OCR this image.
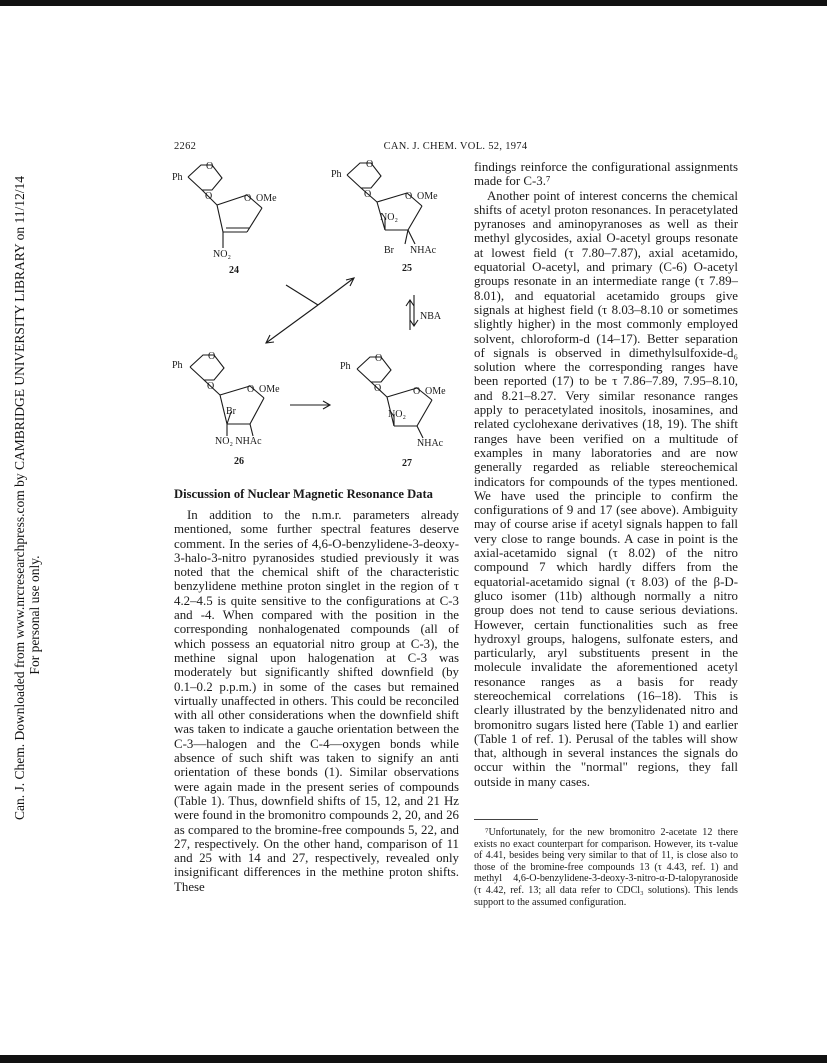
Can. J. Chem. Downloaded from www.nrcresearchpress.com by CAMBRIDGE UNIVERSITY LIBRARY on 11/12/14 For personal use only.
2262	CAN. J. CHEM. VOL. 52, 1974
Ph
O
O	O OMe
NO₂
24
Ph
O
O	O OMe
NO₂
Br NHAc
25
NBA
Ph
O
O	O OMe
Br
NO₂ NHAc
26
Ph
O
O	O OMe
NO₂
NHAc
27
Discussion of Nuclear Magnetic Resonance Data

In addition to the n.m.r. parameters already mentioned, some further spectral features deserve comment. In the series of 4,6-O-benzylidene-3-deoxy-3-halo-3-nitro pyranosides studied previously it was noted that the chemical shift of the characteristic benzylidene methine proton singlet in the region of τ 4.2–4.5 is quite sensitive to the configurations at C-3 and -4. When compared with the position in the corresponding nonhalogenated compounds (all of which possess an equatorial nitro group at C-3), the methine signal upon halogenation at C-3 was moderately but significantly shifted downfield (by 0.1–0.2 p.p.m.) in some of the cases but remained virtually unaffected in others. This could be reconciled with all other considerations when the downfield shift was taken to indicate a gauche orientation between the C-3—halogen and the C-4—oxygen bonds while absence of such shift was taken to signify an anti orientation of these bonds (1). Similar observations were again made in the present series of compounds (Table 1). Thus, downfield shifts of 15, 12, and 21 Hz were found in the bromonitro compounds 2, 20, and 26 as compared to the bromine-free compounds 5, 22, and 27, respectively. On the other hand, comparison of 11 and 25 with 14 and 27, respectively, revealed only insignificant differences in the methine proton shifts. These

findings reinforce the configurational assignments made for C-3.⁷

Another point of interest concerns the chemical shifts of acetyl proton resonances. In peracetylated pyranoses and aminopyranoses as well as their methyl glycosides, axial O-acetyl groups resonate at lowest field (τ 7.80–7.87), axial acetamido, equatorial O-acetyl, and primary (C-6) O-acetyl groups resonate in an intermediate range (τ 7.89–8.01), and equatorial acetamido groups give signals at highest field (τ 8.03–8.10 or sometimes slightly higher) in the most commonly employed solvent, chloroform-d (14–17). Better separation of signals is observed in dimethylsulfoxide-d₆ solution where the corresponding ranges have been reported (17) to be τ 7.86–7.89, 7.95–8.10, and 8.21–8.27. Very similar resonance ranges apply to peracetylated inositols, inosamines, and related cyclohexane derivatives (18, 19). The shift ranges have been verified on a multitude of examples in many laboratories and are now generally regarded as reliable stereochemical indicators for compounds of the types mentioned. We have used the principle to confirm the configurations of 9 and 17 (see above). Ambiguity may of course arise if acetyl signals happen to fall very close to range bounds. A case in point is the axial-acetamido signal (τ 8.02) of the nitro compound 7 which hardly differs from the equatorial-acetamido signal (τ 8.03) of the β-D-gluco isomer (11b) although normally a nitro group does not tend to cause serious deviations. However, certain functionalities such as free hydroxyl groups, halogens, sulfonate esters, and particularly, aryl substituents present in the molecule invalidate the aforementioned acetyl resonance ranges as a basis for ready stereochemical correlations (16–18). This is clearly illustrated by the benzylidenated nitro and bromonitro sugars listed here (Table 1) and earlier (Table 1 of ref. 1). Perusal of the tables will show that, although in several instances the signals do occur within the "normal" regions, they fall outside in many cases.

⁷Unfortunately, for the new bromonitro 2-acetate 12 there exists no exact counterpart for comparison. However, its τ-value of 4.41, besides being very similar to that of 11, is close also to those of the bromine-free compounds 13 (τ 4.43, ref. 1) and methyl 4,6-O-benzylidene-3-deoxy-3-nitro-α-D-talopyranoside (τ 4.42, ref. 13; all data refer to CDCl₃ solutions). This lends support to the assumed configuration.
